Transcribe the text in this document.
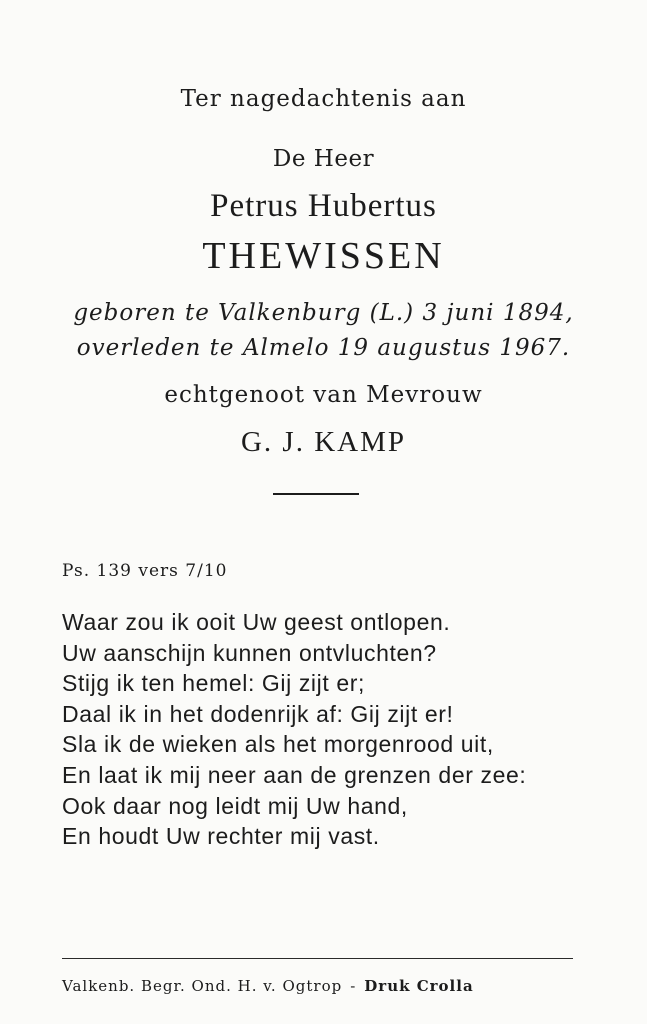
Ter nagedachtenis aan
De Heer
Petrus Hubertus
THEWISSEN
geboren te Valkenburg (L.) 3 juni 1894,
overleden te Almelo 19 augustus 1967.
echtgenoot van Mevrouw
G. J. KAMP
Ps. 139 vers 7/10
Waar zou ik ooit Uw geest ontlopen.
Uw aanschijn kunnen ontvluchten?
Stijg ik ten hemel: Gij zijt er;
Daal ik in het dodenrijk af: Gij zijt er!
Sla ik de wieken als het morgenrood uit,
En laat ik mij neer aan de grenzen der zee:
Ook daar nog leidt mij Uw hand,
En houdt Uw rechter mij vast.
Valkenb. Begr. Ond. H. v. Ogtrop - Druk Crolla
